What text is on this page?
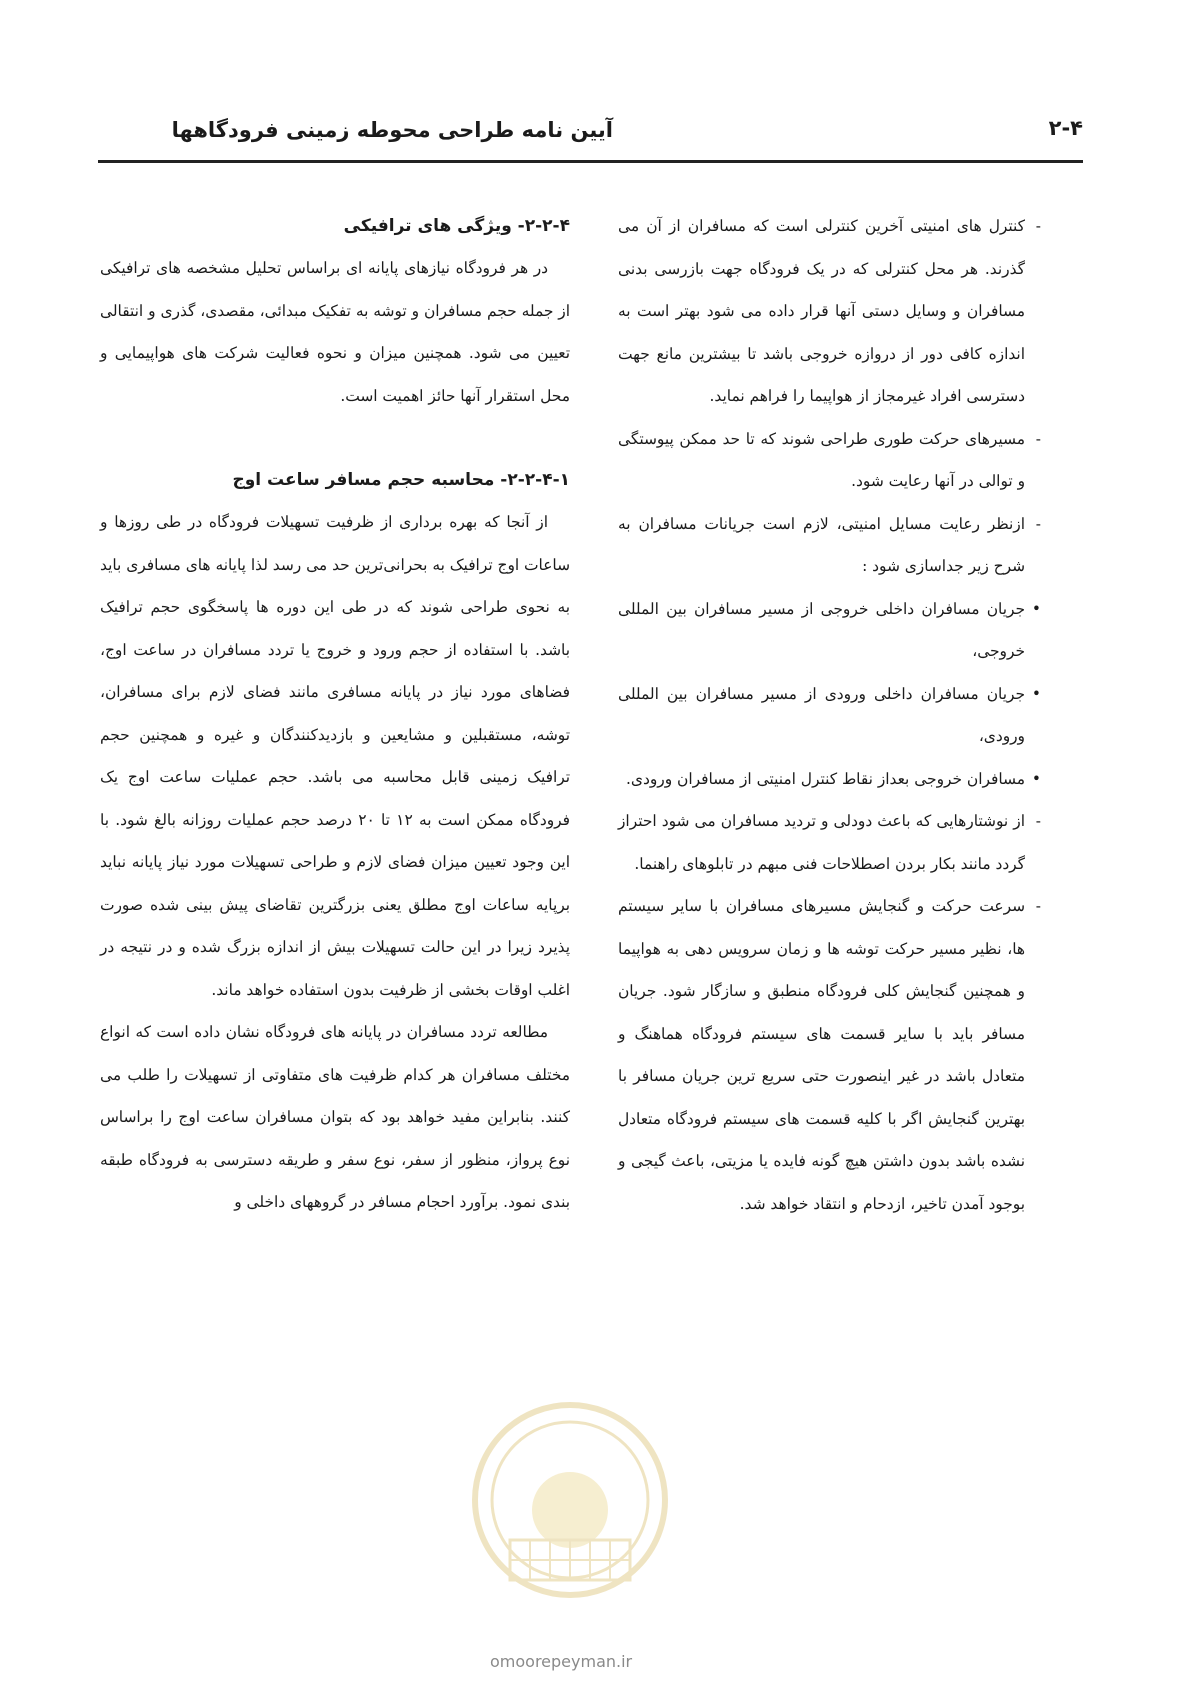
آیین نامه طراحی محوطه زمینی فرودگاهها	۲-۴
- کنترل های امنیتی آخرین کنترلی است که مسافران از آن می گذرند. هر محل کنترلی که در یک فرودگاه جهت بازرسی بدنی مسافران و وسایل دستی آنها قرار داده می شود بهتر است به اندازه کافی دور از دروازه خروجی باشد تا بیشترین مانع جهت دسترسی افراد غیرمجاز از هواپیما را فراهم نماید.
- مسیرهای حرکت طوری طراحی شوند که تا حد ممکن پیوستگی و توالی در آنها رعایت شود.
- ازنظر رعایت مسایل امنیتی، لازم است جریانات مسافران به شرح زیر جداسازی شود :
• جریان مسافران داخلی خروجی از مسیر مسافران بین المللی خروجی،
• جریان مسافران داخلی ورودی از مسیر مسافران بین المللی ورودی،
• مسافران خروجی بعداز نقاط کنترل امنیتی از مسافران ورودی.
- از نوشتارهایی که باعث دودلی و تردید مسافران می شود احتراز گردد مانند بکار بردن اصطلاحات فنی مبهم در تابلوهای راهنما.
- سرعت حرکت و گنجایش مسیرهای مسافران با سایر سیستم ها، نظیر مسیر حرکت توشه ها و زمان سرویس دهی به هواپیما و همچنین گنجایش کلی فرودگاه منطبق و سازگار شود. جریان مسافر باید با سایر قسمت های سیستم فرودگاه هماهنگ و متعادل باشد در غیر اینصورت حتی سریع ترین جریان مسافر با بهترین گنجایش اگر با کلیه قسمت های سیستم فرودگاه متعادل نشده باشد بدون داشتن هیچ گونه فایده یا مزیتی، باعث گیجی و بوجود آمدن تاخیر، ازدحام و انتقاد خواهد شد.
۲-۲-۴- ویژگی های ترافیکی

در هر فرودگاه نیازهای پایانه ای براساس تحلیل مشخصه های ترافیکی از جمله حجم مسافران و توشه به تفکیک مبدائی، مقصدی، گذری و انتقالی تعیین می شود. همچنین میزان و نحوه فعالیت شرکت های هواپیمایی و محل استقرار آنها حائز اهمیت است.

۲-۲-۴-۱- محاسبه حجم مسافر ساعت اوج

از آنجا که بهره برداری از ظرفیت تسهیلات فرودگاه در طی روزها و ساعات اوج ترافیک به بحرانی‌ترین حد می رسد لذا پایانه های مسافری باید به نحوی طراحی شوند که در طی این دوره ها پاسخگوی حجم ترافیک باشد. با استفاده از حجم ورود و خروج یا تردد مسافران در ساعت اوج، فضاهای مورد نیاز در پایانه مسافری مانند فضای لازم برای مسافران، توشه، مستقبلین و مشایعین و بازدیدکنندگان و غیره و همچنین حجم ترافیک زمینی قابل محاسبه می باشد. حجم عملیات ساعت اوج یک فرودگاه ممکن است به ۱۲ تا ۲۰ درصد حجم عملیات روزانه بالغ شود. با این وجود تعیین میزان فضای لازم و طراحی تسهیلات مورد نیاز پایانه نباید برپایه ساعات اوج مطلق یعنی بزرگترین تقاضای پیش بینی شده صورت پذیرد زیرا در این حالت تسهیلات بیش از اندازه بزرگ شده و در نتیجه در اغلب اوقات بخشی از ظرفیت بدون استفاده خواهد ماند.

مطالعه تردد مسافران در پایانه های فرودگاه نشان داده است که انواع مختلف مسافران هر کدام ظرفیت های متفاوتی از تسهیلات را طلب می کنند. بنابراین مفید خواهد بود که بتوان مسافران ساعت اوج را براساس نوع پرواز، منظور از سفر، نوع سفر و طریقه دسترسی به فرودگاه طبقه بندی نمود. برآورد احجام مسافر در گروههای داخلی و

omoorepeyman.ir
